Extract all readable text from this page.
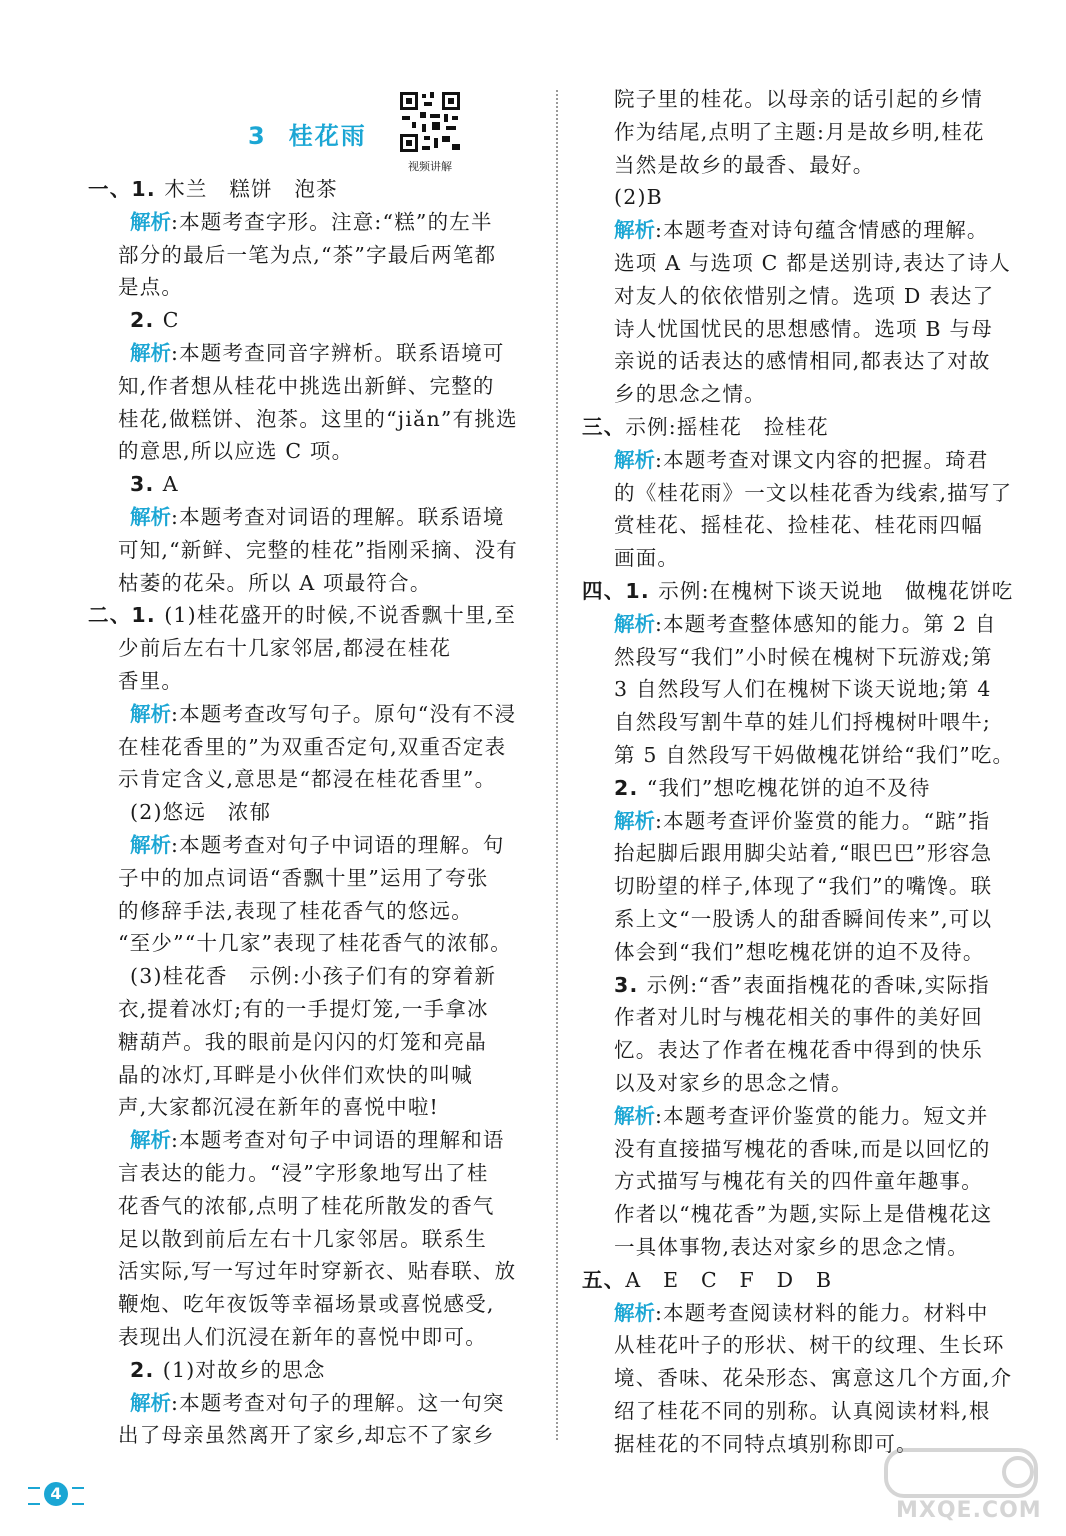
3 桂花雨
视频讲解
一、1. 木兰　糕饼　泡茶
解析:本题考查字形。注意:“糕”的左半
部分的最后一笔为点,“茶”字最后两笔都
是点。
2. C
解析:本题考查同音字辨析。联系语境可
知,作者想从桂花中挑选出新鲜、完整的
桂花,做糕饼、泡茶。这里的“jiǎn”有挑选
的意思,所以应选 C 项。
3. A
解析:本题考查对词语的理解。联系语境
可知,“新鲜、完整的桂花”指刚采摘、没有
枯萎的花朵。所以 A 项最符合。
二、1. (1)桂花盛开的时候,不说香飘十里,至
少前后左右十几家邻居,都浸在桂花
香里。
解析:本题考查改写句子。原句“没有不浸
在桂花香里的”为双重否定句,双重否定表
示肯定含义,意思是“都浸在桂花香里”。
(2)悠远　浓郁
解析:本题考查对句子中词语的理解。句
子中的加点词语“香飘十里”运用了夸张
的修辞手法,表现了桂花香气的悠远。
“至少”“十几家”表现了桂花香气的浓郁。
(3)桂花香　示例:小孩子们有的穿着新
衣,提着冰灯;有的一手提灯笼,一手拿冰
糖葫芦。我的眼前是闪闪的灯笼和亮晶
晶的冰灯,耳畔是小伙伴们欢快的叫喊
声,大家都沉浸在新年的喜悦中啦!
解析:本题考查对句子中词语的理解和语
言表达的能力。“浸”字形象地写出了桂
花香气的浓郁,点明了桂花所散发的香气
足以散到前后左右十几家邻居。联系生
活实际,写一写过年时穿新衣、贴春联、放
鞭炮、吃年夜饭等幸福场景或喜悦感受,
表现出人们沉浸在新年的喜悦中即可。
2. (1)对故乡的思念
解析:本题考查对句子的理解。这一句突
出了母亲虽然离开了家乡,却忘不了家乡
院子里的桂花。以母亲的话引起的乡情
作为结尾,点明了主题:月是故乡明,桂花
当然是故乡的最香、最好。
(2)B
解析:本题考查对诗句蕴含情感的理解。
选项 A 与选项 C 都是送别诗,表达了诗人
对友人的依依惜别之情。选项 D 表达了
诗人忧国忧民的思想感情。选项 B 与母
亲说的话表达的感情相同,都表达了对故
乡的思念之情。
三、示例:摇桂花　捡桂花
解析:本题考查对课文内容的把握。琦君
的《桂花雨》一文以桂花香为线索,描写了
赏桂花、摇桂花、捡桂花、桂花雨四幅
画面。
四、1. 示例:在槐树下谈天说地　做槐花饼吃
解析:本题考查整体感知的能力。第 2 自
然段写“我们”小时候在槐树下玩游戏;第
3 自然段写人们在槐树下谈天说地;第 4
自然段写割牛草的娃儿们捋槐树叶喂牛;
第 5 自然段写干妈做槐花饼给“我们”吃。
2. “我们”想吃槐花饼的迫不及待
解析:本题考查评价鉴赏的能力。“踮”指
抬起脚后跟用脚尖站着,“眼巴巴”形容急
切盼望的样子,体现了“我们”的嘴馋。联
系上文“一股诱人的甜香瞬间传来”,可以
体会到“我们”想吃槐花饼的迫不及待。
3. 示例:“香”表面指槐花的香味,实际指
作者对儿时与槐花相关的事件的美好回
忆。表达了作者在槐花香中得到的快乐
以及对家乡的思念之情。
解析:本题考查评价鉴赏的能力。短文并
没有直接描写槐花的香味,而是以回忆的
方式描写与槐花有关的四件童年趣事。
作者以“槐花香”为题,实际上是借槐花这
一具体事物,表达对家乡的思念之情。
五、A　E　C　F　D　B
解析:本题考查阅读材料的能力。材料中
从桂花叶子的形状、树干的纹理、生长环
境、香味、花朵形态、寓意这几个方面,介
绍了桂花不同的别称。认真阅读材料,根
据桂花的不同特点填别称即可。
4
MXQE.COM
